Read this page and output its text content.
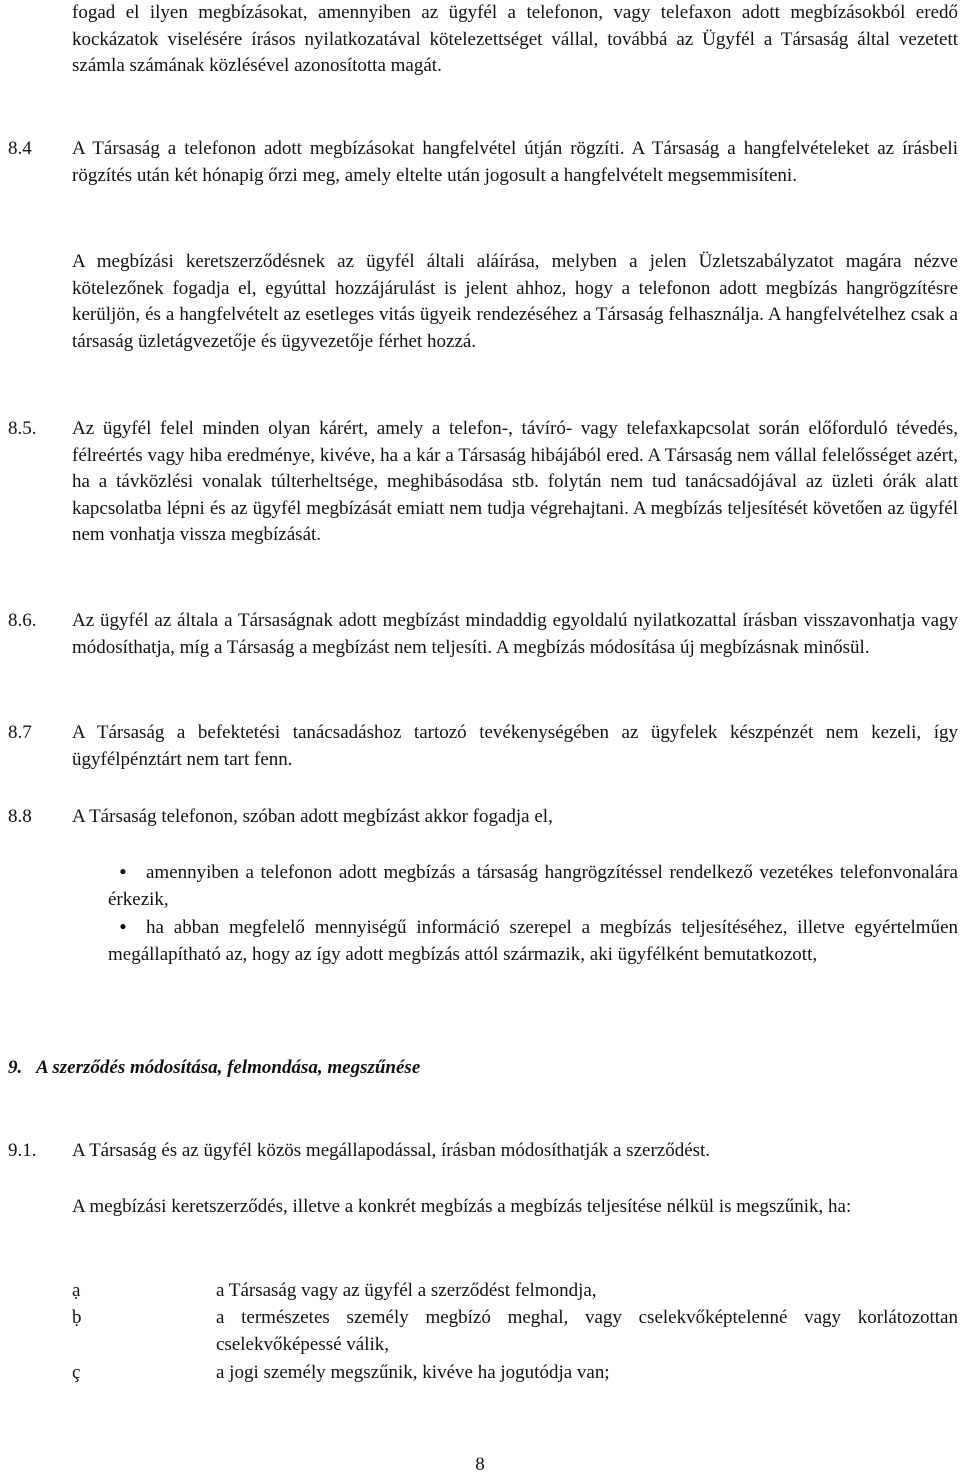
fogad el ilyen megbízásokat, amennyiben az ügyfél a telefonon, vagy telefaxon adott megbízásokból eredő kockázatok viselésére írásos nyilatkozatával kötelezettséget vállal, továbbá az Ügyfél a Társaság által vezetett számla számának közlésével azonosította magát.

8.4 A Társaság a telefonon adott megbízásokat hangfelvétel útján rögzíti. A Társaság a hangfelvételeket az írásbeli rögzítés után két hónapig őrzi meg, amely eltelte után jogosult a hangfelvételt megsemmisíteni.

A megbízási keretszerződésnek az ügyfél általi aláírása, melyben a jelen Üzletszabályzatot magára nézve kötelezőnek fogadja el, egyúttal hozzájárulást is jelent ahhoz, hogy a telefonon adott megbízás hangrögzítésre kerüljön, és a hangfelvételt az esetleges vitás ügyeik rendezéséhez a Társaság felhasználja. A hangfelvételhez csak a társaság üzletágvezetője és ügyvezetője férhet hozzá.

8.5. Az ügyfél felel minden olyan kárért, amely a telefon-, távíró- vagy telefaxkapcsolat során előforduló tévedés, félreértés vagy hiba eredménye, kivéve, ha a kár a Társaság hibájából ered. A Társaság nem vállal felelősséget azért, ha a távközlési vonalak túlterheltsége, meghibásodása stb. folytán nem tud tanácsadójával az üzleti órák alatt kapcsolatba lépni és az ügyfél megbízását emiatt nem tudja végrehajtani. A megbízás teljesítését követően az ügyfél nem vonhatja vissza megbízását.

8.6. Az ügyfél az általa a Társaságnak adott megbízást mindaddig egyoldalú nyilatkozattal írásban visszavonhatja vagy módosíthatja, míg a Társaság a megbízást nem teljesíti. A megbízás módosítása új megbízásnak minősül.

8.7 A Társaság a befektetési tanácsadáshoz tartozó tevékenységében az ügyfelek készpénzét nem kezeli, így ügyfélpénztárt nem tart fenn.

8.8 A Társaság telefonon, szóban adott megbízást akkor fogadja el,

•	amennyiben a telefonon adott megbízás a társaság hangrögzítéssel rendelkező vezetékes telefonvonalára érkezik,

•	ha abban megfelelő mennyiségű információ szerepel a megbízás teljesítéséhez, illetve egyértelműen megállapítható az, hogy az így adott megbízás attól származik, aki ügyfélként bemutatkozott,

9. A szerződés módosítása, felmondása, megszűnése

9.1. A Társaság és az ügyfél közös megállapodással, írásban módosíthatják a szerződést.

A megbízási keretszerződés, illetve a konkrét megbízás a megbízás teljesítése nélkül is megszűnik, ha:

ạ	a Társaság vagy az ügyfél a szerződést felmondja,

ḅ	a természetes személy megbízó meghal, vagy cselekvőképtelenné vagy korlátozottan cselekvőképessé válik,

ç	a jogi személy megszűnik, kivéve ha jogutódja van;

8
